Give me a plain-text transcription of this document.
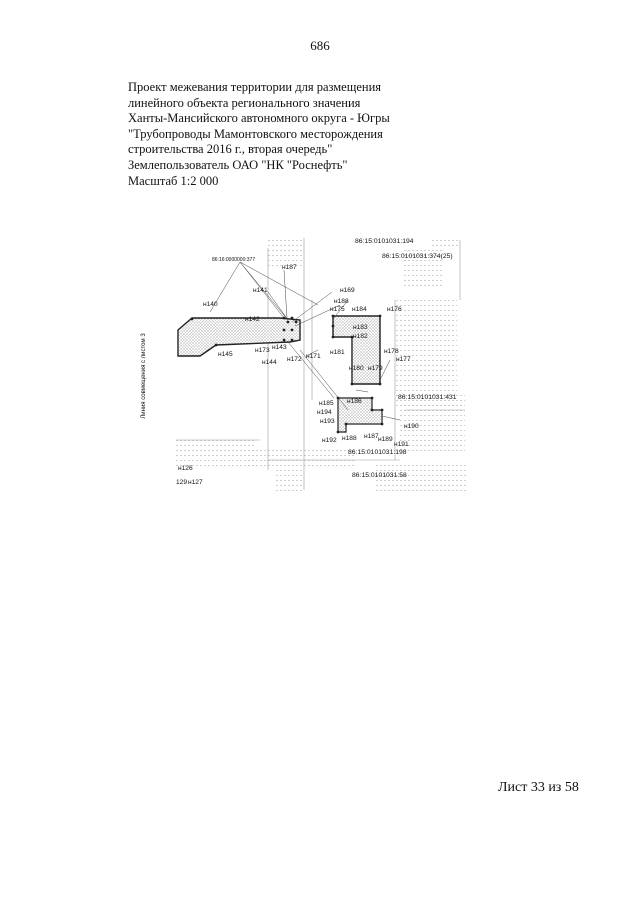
686
Проект межевания территории для размещения
линейного объекта регионального значения
Ханты-Мансийского автономного округа - Югры
"Трубопроводы Мамонтовского месторождения
строительства 2016 г., вторая очередь"
Землепользователь ОАО "НК "Роснефть"
Масштаб 1:2 000
Линия совмещения с листом 3
86:15:0101031:194
86:15:0101031:374(25)
86:16:0000000:377
86:15:0101031:431
86:15:0101031:198
86:15:0101031:58
н187
н141	н169
н140	н188
н175 н184	н176
н142
н183
н182
н173 н143
н171
н181
н145
н144 н172
н178
н177
н180 н179
н185 н186
н194
н193
н190
н188 н187 н189
н192
н191
н126
129 н127
Лист 33 из 58
